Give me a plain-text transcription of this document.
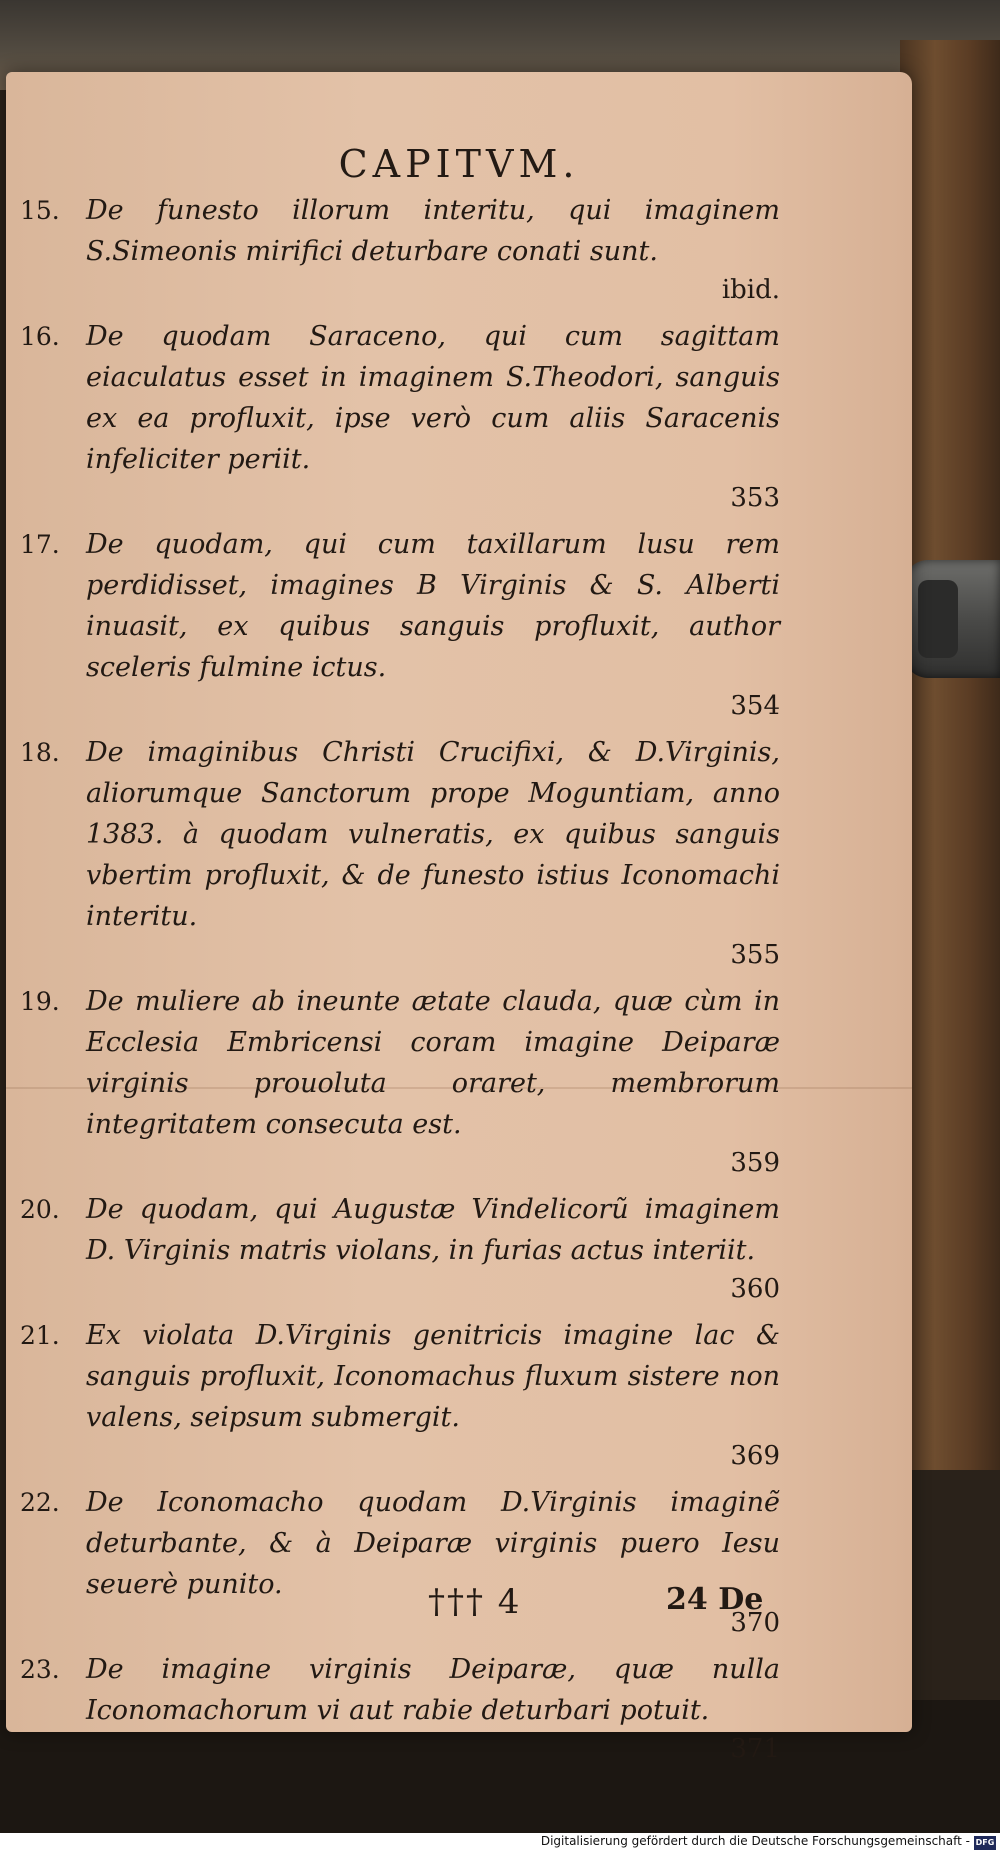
CAPITVM.
15. De funesto illorum interitu, qui imaginem S.Simeonis mirifici deturbare conati sunt.
ibid.
16. De quodam Saraceno, qui cum sagittam eiaculatus esset in imaginem S.Theodori, sanguis ex ea profluxit, ipse verò cum aliis Saracenis infeliciter periit.
353
17. De quodam, qui cum taxillarum lusu rem perdidisset, imagines B Virginis & S. Alberti inuasit, ex quibus sanguis profluxit, author sceleris fulmine ictus.
354
18. De imaginibus Christi Crucifixi, & D.Virginis, aliorumque Sanctorum prope Moguntiam, anno 1383. à quodam vulneratis, ex quibus sanguis vbertim profluxit, & de funesto istius Iconomachi interitu.
355
19. De muliere ab ineunte ætate clauda, quæ cùm in Ecclesia Embricensi coram imagine Deiparæ virginis prouoluta oraret, membrorum integritatem consecuta est.
359
20. De quodam, qui Augustæ Vindelicorũ imaginem D. Virginis matris violans, in furias actus interiit.
360
21. Ex violata D.Virginis genitricis imagine lac & sanguis profluxit, Iconomachus fluxum sistere non valens, seipsum submergit.
369
22. De Iconomacho quodam D.Virginis imaginẽ deturbante, & à Deiparæ virginis puero Iesu seuerè punito.
370
23. De imagine virginis Deiparæ, quæ nulla Iconomachorum vi aut rabie deturbari potuit.
371
††† 4	24 De
Digitalisierung gefördert durch die Deutsche Forschungsgemeinschaft - DFG
